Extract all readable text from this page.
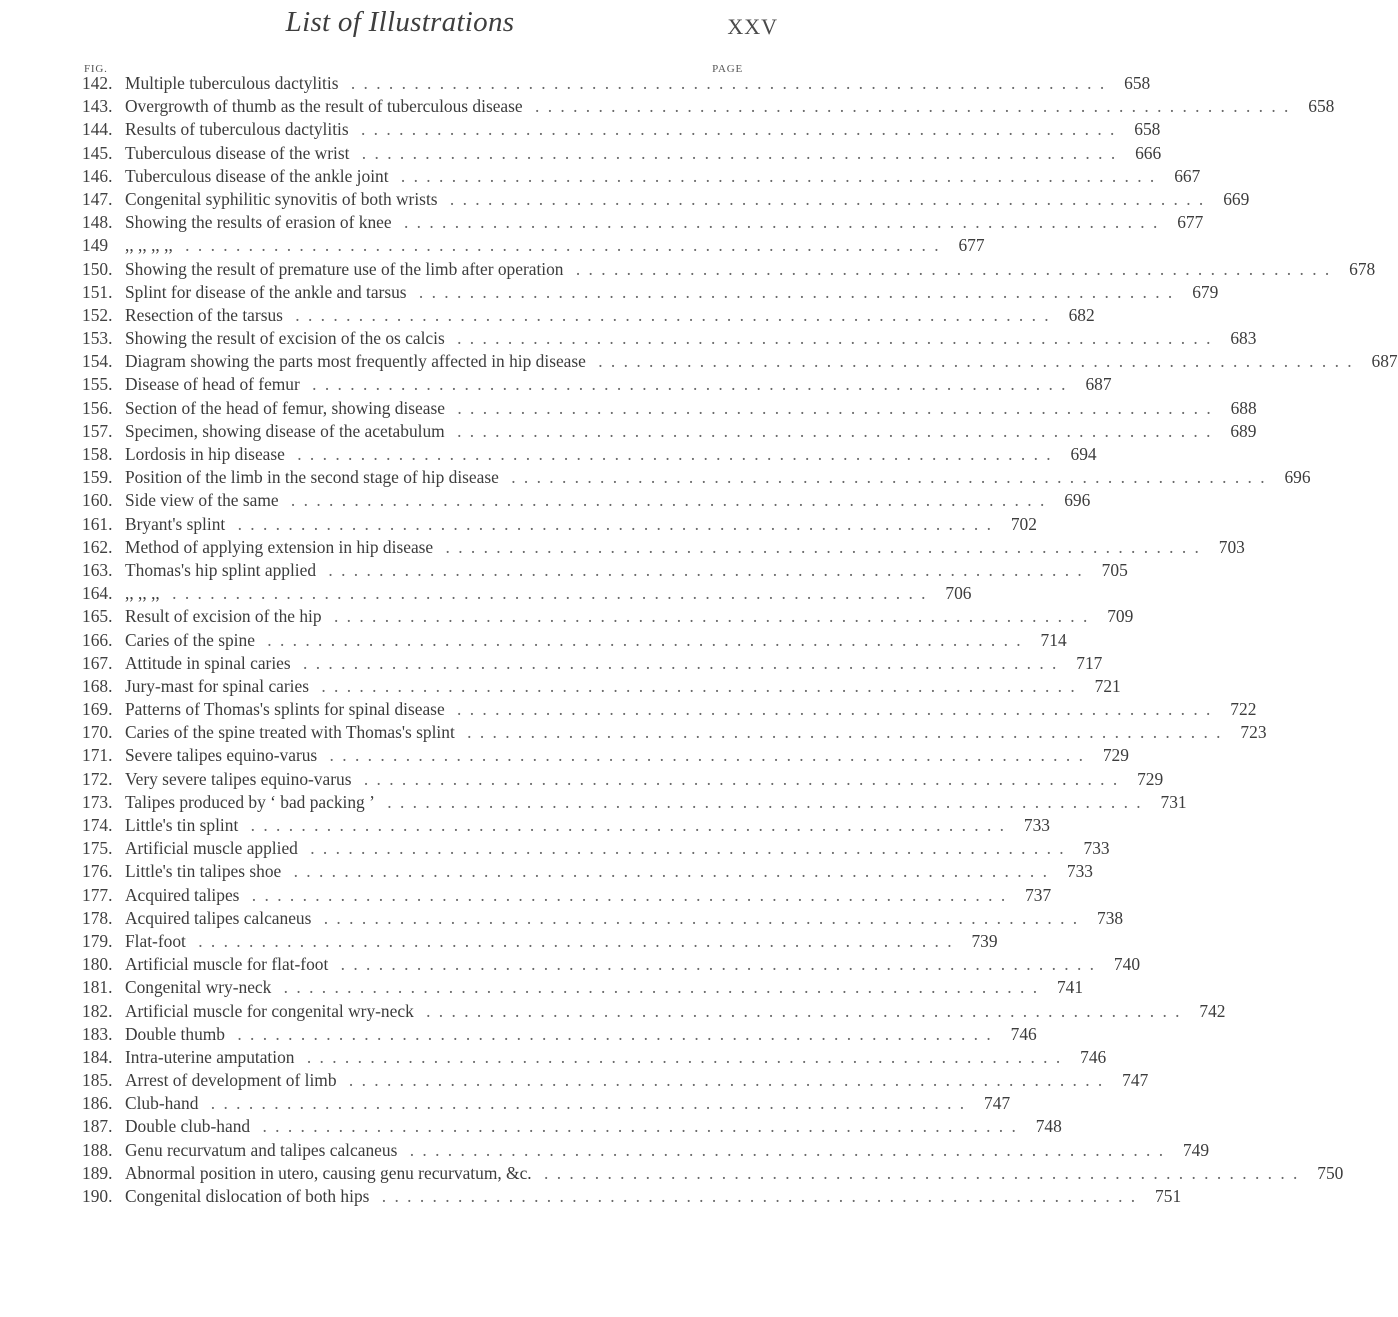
List of Illustrations	XXV
FIG.	PAGE
142. Multiple tuberculous dactylitis . . . . . . . . . . . . . . . . . . . . . . . . . . . . . . . . . . . . . . . . . . . . . . . . . . . . . . . . . . . .	658
143. Overgrowth of thumb as the result of tuberculous disease . . . . . . . . . . . . . . . . . . . . . . . . . . . . . . . . . . . . . . . . . . . . . . . . . . . . . . . . . . . .	658
144. Results of tuberculous dactylitis . . . . . . . . . . . . . . . . . . . . . . . . . . . . . . . . . . . . . . . . . . . . . . . . . . . . . . . . . . . .	658
145. Tuberculous disease of the wrist . . . . . . . . . . . . . . . . . . . . . . . . . . . . . . . . . . . . . . . . . . . . . . . . . . . . . . . . . . . .	666
146. Tuberculous disease of the ankle joint . . . . . . . . . . . . . . . . . . . . . . . . . . . . . . . . . . . . . . . . . . . . . . . . . . . . . . . . . . . .	667
147. Congenital syphilitic synovitis of both wrists . . . . . . . . . . . . . . . . . . . . . . . . . . . . . . . . . . . . . . . . . . . . . . . . . . . . . . . . . . . .	669
148. Showing the results of erasion of knee . . . . . . . . . . . . . . . . . . . . . . . . . . . . . . . . . . . . . . . . . . . . . . . . . . . . . . . . . . . .	677
149 ,, ,, ,, ,, . . . . . . . . . . . . . . . . . . . . . . . . . . . . . . . . . . . . . . . . . . . . . . . . . . . . . . . . . . . .	677
150. Showing the result of premature use of the limb after operation . . . . . . . . . . . . . . . . . . . . . . . . . . . . . . . . . . . . . . . . . . . . . . . . . . . . . . . . . . . .	678
151. Splint for disease of the ankle and tarsus . . . . . . . . . . . . . . . . . . . . . . . . . . . . . . . . . . . . . . . . . . . . . . . . . . . . . . . . . . . .	679
152. Resection of the tarsus . . . . . . . . . . . . . . . . . . . . . . . . . . . . . . . . . . . . . . . . . . . . . . . . . . . . . . . . . . . .	682
153. Showing the result of excision of the os calcis . . . . . . . . . . . . . . . . . . . . . . . . . . . . . . . . . . . . . . . . . . . . . . . . . . . . . . . . . . . .	683
154. Diagram showing the parts most frequently affected in hip disease . . . . . . . . . . . . . . . . . . . . . . . . . . . . . . . . . . . . . . . . . . . . . . . . . . . . . . . . . . . .	687
155. Disease of head of femur . . . . . . . . . . . . . . . . . . . . . . . . . . . . . . . . . . . . . . . . . . . . . . . . . . . . . . . . . . . .	687
156. Section of the head of femur, showing disease . . . . . . . . . . . . . . . . . . . . . . . . . . . . . . . . . . . . . . . . . . . . . . . . . . . . . . . . . . . .	688
157. Specimen, showing disease of the acetabulum . . . . . . . . . . . . . . . . . . . . . . . . . . . . . . . . . . . . . . . . . . . . . . . . . . . . . . . . . . . .	689
158. Lordosis in hip disease . . . . . . . . . . . . . . . . . . . . . . . . . . . . . . . . . . . . . . . . . . . . . . . . . . . . . . . . . . . .	694
159. Position of the limb in the second stage of hip disease . . . . . . . . . . . . . . . . . . . . . . . . . . . . . . . . . . . . . . . . . . . . . . . . . . . . . . . . . . . .	696
160. Side view of the same . . . . . . . . . . . . . . . . . . . . . . . . . . . . . . . . . . . . . . . . . . . . . . . . . . . . . . . . . . . .	696
161. Bryant's splint . . . . . . . . . . . . . . . . . . . . . . . . . . . . . . . . . . . . . . . . . . . . . . . . . . . . . . . . . . . .	702
162. Method of applying extension in hip disease . . . . . . . . . . . . . . . . . . . . . . . . . . . . . . . . . . . . . . . . . . . . . . . . . . . . . . . . . . . .	703
163. Thomas's hip splint applied . . . . . . . . . . . . . . . . . . . . . . . . . . . . . . . . . . . . . . . . . . . . . . . . . . . . . . . . . . . .	705
164. ,, ,, ,, . . . . . . . . . . . . . . . . . . . . . . . . . . . . . . . . . . . . . . . . . . . . . . . . . . . . . . . . . . . .	706
165. Result of excision of the hip . . . . . . . . . . . . . . . . . . . . . . . . . . . . . . . . . . . . . . . . . . . . . . . . . . . . . . . . . . . .	709
166. Caries of the spine . . . . . . . . . . . . . . . . . . . . . . . . . . . . . . . . . . . . . . . . . . . . . . . . . . . . . . . . . . . .	714
167. Attitude in spinal caries . . . . . . . . . . . . . . . . . . . . . . . . . . . . . . . . . . . . . . . . . . . . . . . . . . . . . . . . . . . .	717
168. Jury-mast for spinal caries . . . . . . . . . . . . . . . . . . . . . . . . . . . . . . . . . . . . . . . . . . . . . . . . . . . . . . . . . . . .	721
169. Patterns of Thomas's splints for spinal disease . . . . . . . . . . . . . . . . . . . . . . . . . . . . . . . . . . . . . . . . . . . . . . . . . . . . . . . . . . . .	722
170. Caries of the spine treated with Thomas's splint . . . . . . . . . . . . . . . . . . . . . . . . . . . . . . . . . . . . . . . . . . . . . . . . . . . . . . . . . . . .	723
171. Severe talipes equino-varus . . . . . . . . . . . . . . . . . . . . . . . . . . . . . . . . . . . . . . . . . . . . . . . . . . . . . . . . . . . .	729
172. Very severe talipes equino-varus . . . . . . . . . . . . . . . . . . . . . . . . . . . . . . . . . . . . . . . . . . . . . . . . . . . . . . . . . . . .	729
173. Talipes produced by ‘ bad packing ’ . . . . . . . . . . . . . . . . . . . . . . . . . . . . . . . . . . . . . . . . . . . . . . . . . . . . . . . . . . . .	731
174. Little's tin splint . . . . . . . . . . . . . . . . . . . . . . . . . . . . . . . . . . . . . . . . . . . . . . . . . . . . . . . . . . . .	733
175. Artificial muscle applied . . . . . . . . . . . . . . . . . . . . . . . . . . . . . . . . . . . . . . . . . . . . . . . . . . . . . . . . . . . .	733
176. Little's tin talipes shoe . . . . . . . . . . . . . . . . . . . . . . . . . . . . . . . . . . . . . . . . . . . . . . . . . . . . . . . . . . . .	733
177. Acquired talipes . . . . . . . . . . . . . . . . . . . . . . . . . . . . . . . . . . . . . . . . . . . . . . . . . . . . . . . . . . . .	737
178. Acquired talipes calcaneus . . . . . . . . . . . . . . . . . . . . . . . . . . . . . . . . . . . . . . . . . . . . . . . . . . . . . . . . . . . .	738
179. Flat-foot . . . . . . . . . . . . . . . . . . . . . . . . . . . . . . . . . . . . . . . . . . . . . . . . . . . . . . . . . . . .	739
180. Artificial muscle for flat-foot . . . . . . . . . . . . . . . . . . . . . . . . . . . . . . . . . . . . . . . . . . . . . . . . . . . . . . . . . . . .	740
181. Congenital wry-neck . . . . . . . . . . . . . . . . . . . . . . . . . . . . . . . . . . . . . . . . . . . . . . . . . . . . . . . . . . . .	741
182. Artificial muscle for congenital wry-neck . . . . . . . . . . . . . . . . . . . . . . . . . . . . . . . . . . . . . . . . . . . . . . . . . . . . . . . . . . . .	742
183. Double thumb . . . . . . . . . . . . . . . . . . . . . . . . . . . . . . . . . . . . . . . . . . . . . . . . . . . . . . . . . . . .	746
184. Intra-uterine amputation . . . . . . . . . . . . . . . . . . . . . . . . . . . . . . . . . . . . . . . . . . . . . . . . . . . . . . . . . . . .	746
185. Arrest of development of limb . . . . . . . . . . . . . . . . . . . . . . . . . . . . . . . . . . . . . . . . . . . . . . . . . . . . . . . . . . . .	747
186. Club-hand . . . . . . . . . . . . . . . . . . . . . . . . . . . . . . . . . . . . . . . . . . . . . . . . . . . . . . . . . . . .	747
187. Double club-hand . . . . . . . . . . . . . . . . . . . . . . . . . . . . . . . . . . . . . . . . . . . . . . . . . . . . . . . . . . . .	748
188. Genu recurvatum and talipes calcaneus . . . . . . . . . . . . . . . . . . . . . . . . . . . . . . . . . . . . . . . . . . . . . . . . . . . . . . . . . . . .	749
189. Abnormal position in utero, causing genu recurvatum, &c. . . . . . . . . . . . . . . . . . . . . . . . . . . . . . . . . . . . . . . . . . . . . . . . . . . . . . . . . . . . .	750
190. Congenital dislocation of both hips . . . . . . . . . . . . . . . . . . . . . . . . . . . . . . . . . . . . . . . . . . . . . . . . . . . . . . . . . . . .	751
